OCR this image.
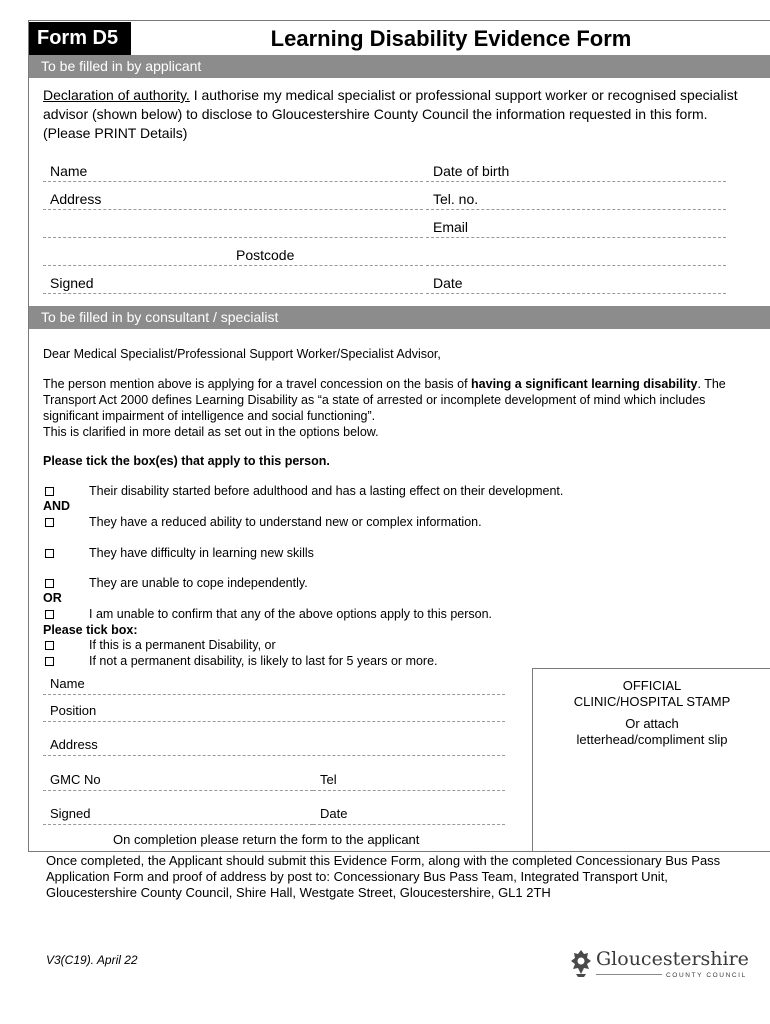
Form D5	Learning Disability Evidence Form
To be filled in by applicant
Declaration of authority. I authorise my medical specialist or professional support worker or recognised specialist advisor (shown below) to disclose to Gloucestershire County Council the information requested in this form. (Please PRINT Details)
Name	Date of birth
Address	Tel. no.
Email
Postcode
Signed	Date
To be filled in by consultant / specialist
Dear Medical Specialist/Professional Support Worker/Specialist Advisor,
The person mention above is applying for a travel concession on the basis of having a significant learning disability. The Transport Act 2000 defines Learning Disability as “a state of arrested or incomplete development of mind which includes significant impairment of intelligence and social functioning”.
This is clarified in more detail as set out in the options below.
Please tick the box(es) that apply to this person.
Their disability started before adulthood and has a lasting effect on their development.
AND
They have a reduced ability to understand new or complex information.
They have difficulty in learning new skills
They are unable to cope independently.
OR
I am unable to confirm that any of the above options apply to this person.
Please tick box:
If this is a permanent Disability, or
If not a permanent disability, is likely to last for 5 years or more.
Name
Position
Address
GMC No	Tel
Signed	Date
OFFICIAL
CLINIC/HOSPITAL STAMP
Or attach
letterhead/compliment slip
On completion please return the form to the applicant
Once completed, the Applicant should submit this Evidence Form, along with the completed Concessionary Bus Pass Application Form and proof of address by post to: Concessionary Bus Pass Team, Integrated Transport Unit, Gloucestershire County Council, Shire Hall, Westgate Street, Gloucestershire, GL1 2TH
V3(C19). April 22	Gloucestershire
COUNTY COUNCIL
